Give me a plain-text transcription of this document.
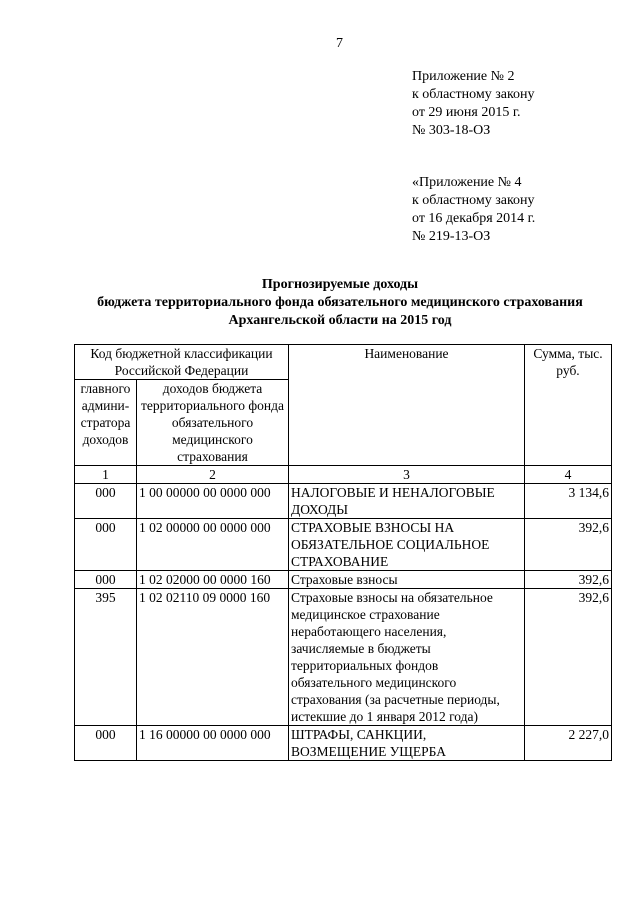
7
Приложение № 2
к областному закону
от 29 июня 2015 г.
№ 303-18-ОЗ
«Приложение № 4
к областному закону
от 16 декабря 2014 г.
№ 219-13-ОЗ
Прогнозируемые доходы
бюджета территориального фонда обязательного медицинского страхования
Архангельской области на 2015 год
Код бюджетной классификации Российской Федерации		Наименование	Сумма, тыс. руб.
главного админи- стратора доходов	доходов бюджета территориального фонда обязательного медицинского страхования		
1	2	3	4
000	1 00 00000 00 0000 000	НАЛОГОВЫЕ И НЕНАЛОГОВЫЕ ДОХОДЫ	3 134,6
000	1 02 00000 00 0000 000	СТРАХОВЫЕ ВЗНОСЫ НА ОБЯЗАТЕЛЬНОЕ СОЦИАЛЬНОЕ СТРАХОВАНИЕ	392,6
000	1 02 02000 00 0000 160	Страховые взносы	392,6
395	1 02 02110 09 0000 160	Страховые взносы на обязательное медицинское страхование неработающего населения, зачисляемые в бюджеты территориальных фондов обязательного медицинского страхования (за расчетные периоды, истекшие до 1 января 2012 года)	392,6
000	1 16 00000 00 0000 000	ШТРАФЫ, САНКЦИИ, ВОЗМЕЩЕНИЕ УЩЕРБА	2 227,0
